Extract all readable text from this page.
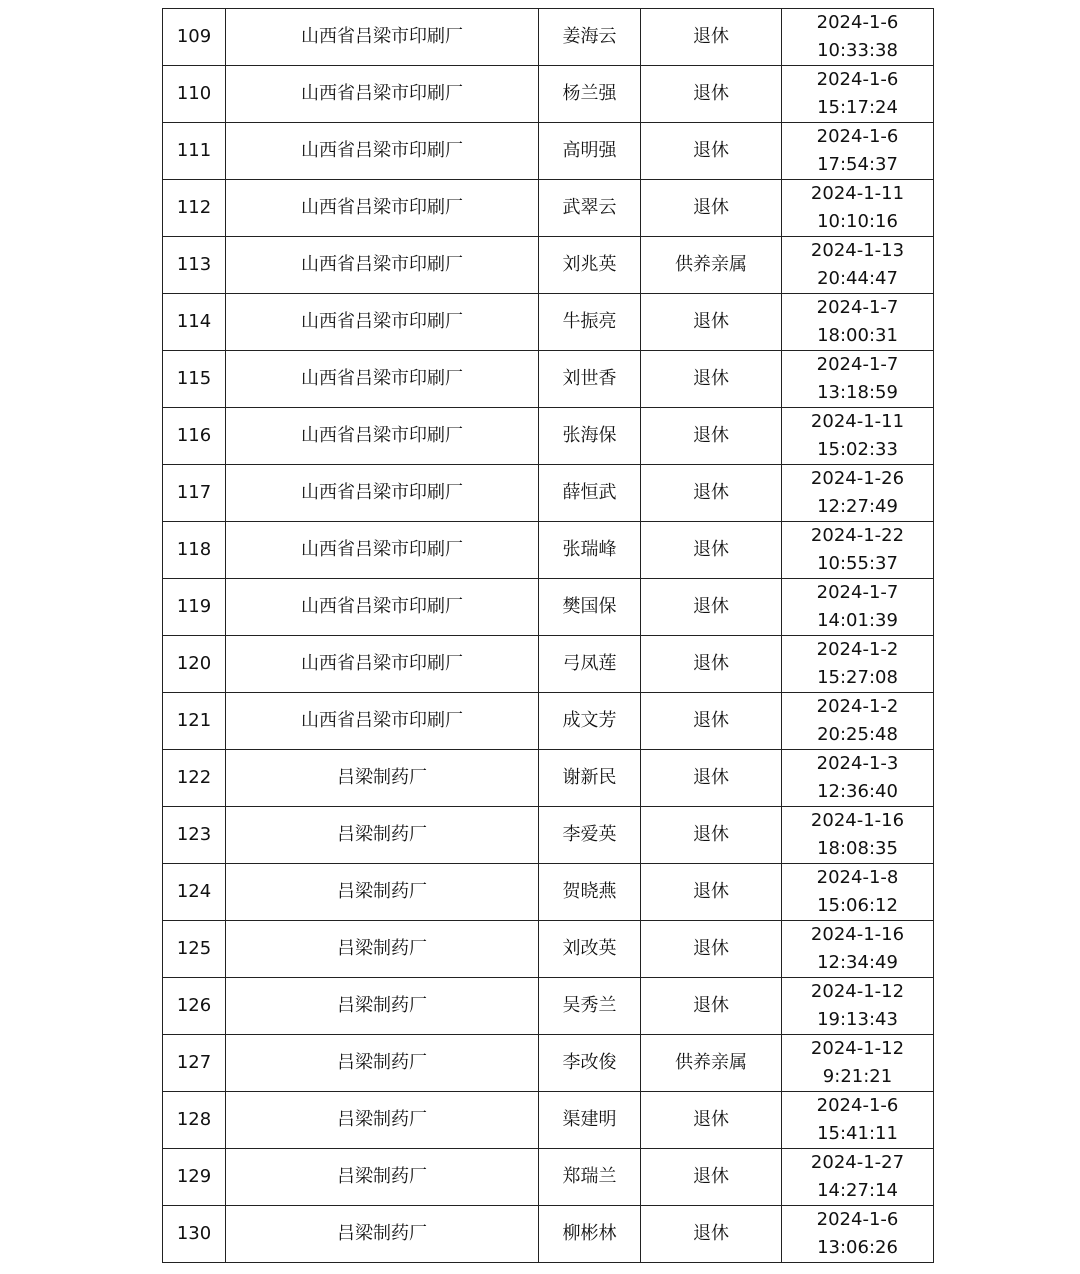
109	山西省吕梁市印刷厂	姜海云	退休	2024-1-6
10:33:38

110	山西省吕梁市印刷厂	杨兰强	退休	2024-1-6
15:17:24

111	山西省吕梁市印刷厂	高明强	退休	2024-1-6
17:54:37

112	山西省吕梁市印刷厂	武翠云	退休	2024-1-11
10:10:16

113	山西省吕梁市印刷厂	刘兆英	供养亲属	2024-1-13
20:44:47

114	山西省吕梁市印刷厂	牛振亮	退休	2024-1-7
18:00:31

115	山西省吕梁市印刷厂	刘世香	退休	2024-1-7
13:18:59

116	山西省吕梁市印刷厂	张海保	退休	2024-1-11
15:02:33

117	山西省吕梁市印刷厂	薛恒武	退休	2024-1-26
12:27:49

118	山西省吕梁市印刷厂	张瑞峰	退休	2024-1-22
10:55:37

119	山西省吕梁市印刷厂	樊国保	退休	2024-1-7
14:01:39

120	山西省吕梁市印刷厂	弓凤莲	退休	2024-1-2
15:27:08

121	山西省吕梁市印刷厂	成文芳	退休	2024-1-2
20:25:48

122	吕梁制药厂	谢新民	退休	2024-1-3
12:36:40

123	吕梁制药厂	李爱英	退休	2024-1-16
18:08:35

124	吕梁制药厂	贺晓燕	退休	2024-1-8
15:06:12

125	吕梁制药厂	刘改英	退休	2024-1-16
12:34:49

126	吕梁制药厂	吴秀兰	退休	2024-1-12
19:13:43

127	吕梁制药厂	李改俊	供养亲属	2024-1-12
9:21:21

128	吕梁制药厂	渠建明	退休	2024-1-6
15:41:11

129	吕梁制药厂	郑瑞兰	退休	2024-1-27
14:27:14

130	吕梁制药厂	柳彬林	退休	2024-1-6
13:06:26
